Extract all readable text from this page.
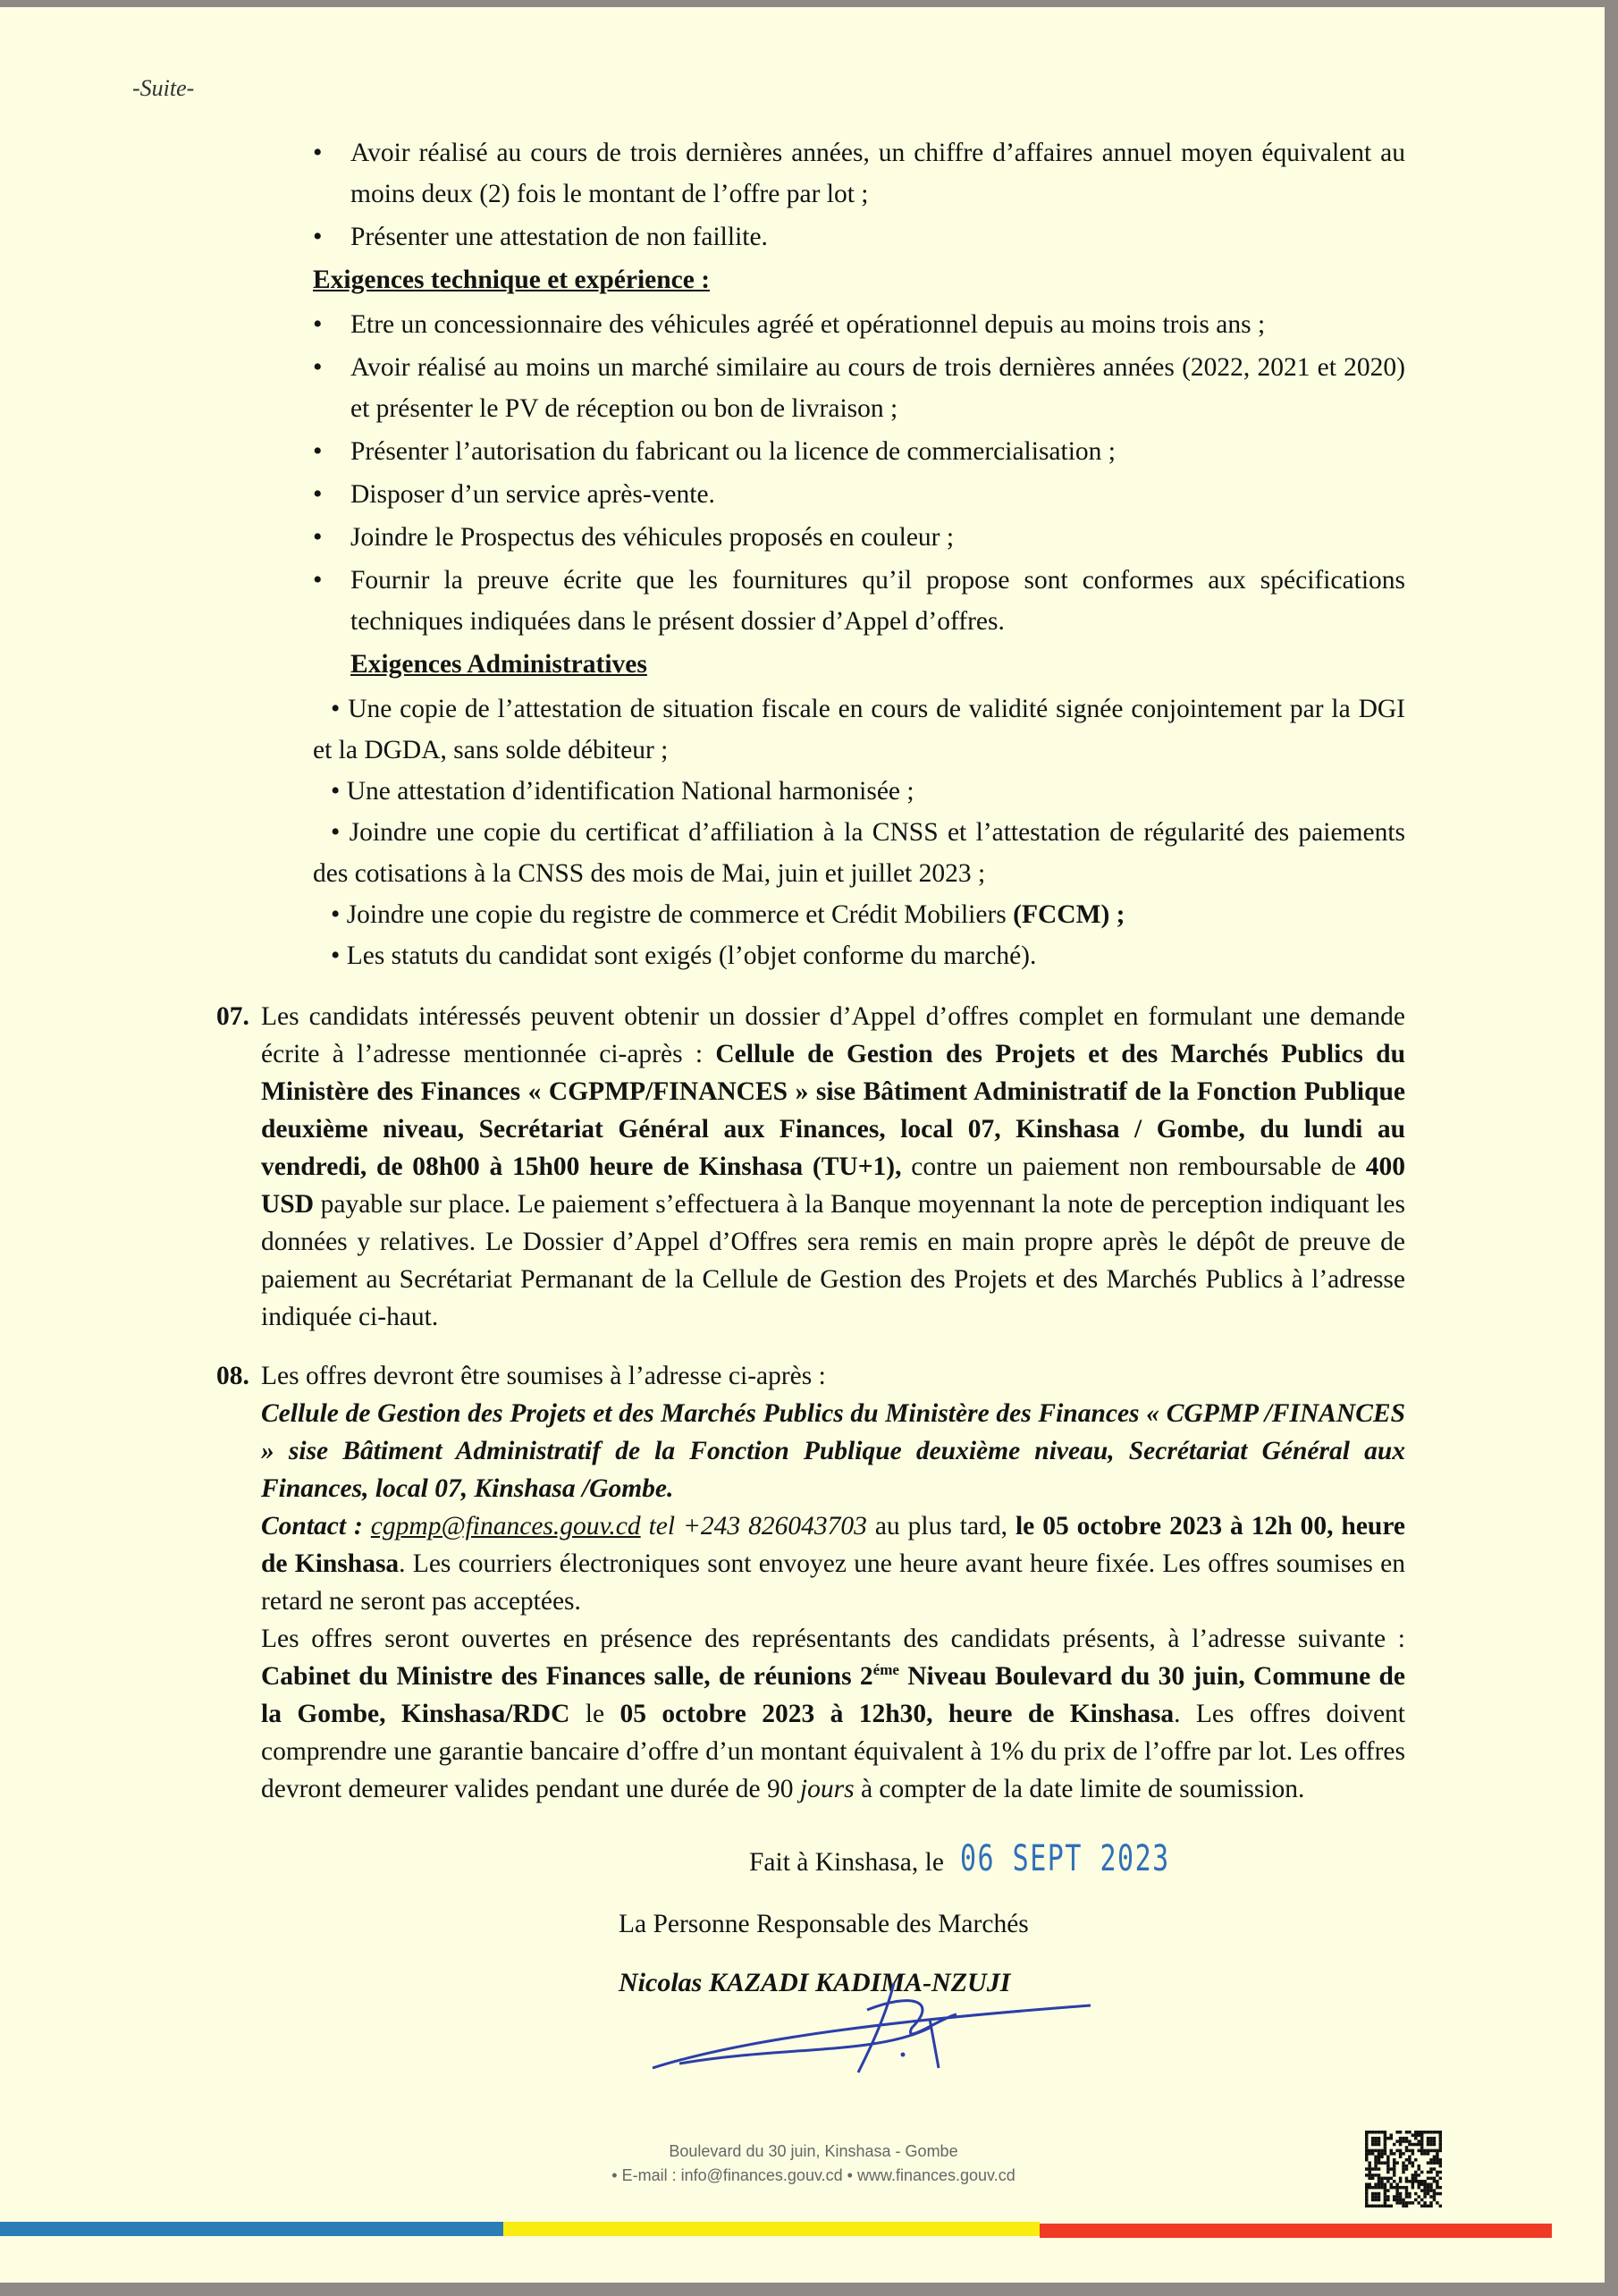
-Suite-
• Avoir réalisé au cours de trois dernières années, un chiffre d’affaires annuel moyen équivalent au moins deux (2) fois le montant de l’offre par lot ;
• Présenter une attestation de non faillite.
Exigences technique et expérience :
• Etre un concessionnaire des véhicules agréé et opérationnel depuis au moins trois ans ;
• Avoir réalisé au moins un marché similaire au cours de trois dernières années (2022, 2021 et 2020) et présenter le PV de réception ou bon de livraison ;
• Présenter l’autorisation du fabricant ou la licence de commercialisation ;
• Disposer d’un service après-vente.
• Joindre le Prospectus des véhicules proposés en couleur ;
• Fournir la preuve écrite que les fournitures qu’il propose sont conformes aux spécifications techniques indiquées dans le présent dossier d’Appel d’offres.
Exigences Administratives
• Une copie de l’attestation de situation fiscale en cours de validité signée conjointement par la DGI et la DGDA, sans solde débiteur ;
• Une attestation d’identification National harmonisée ;
• Joindre une copie du certificat d’affiliation à la CNSS et l’attestation de régularité des paiements des cotisations à la CNSS des mois de Mai, juin et juillet 2023 ;
• Joindre une copie du registre de commerce et Crédit Mobiliers (FCCM) ;
• Les statuts du candidat sont exigés (l’objet conforme du marché).
07. Les candidats intéressés peuvent obtenir un dossier d’Appel d’offres complet en formulant une demande écrite à l’adresse mentionnée ci-après : Cellule de Gestion des Projets et des Marchés Publics du Ministère des Finances « CGPMP/FINANCES » sise Bâtiment Administratif de la Fonction Publique deuxième niveau, Secrétariat Général aux Finances, local 07, Kinshasa / Gombe, du lundi au vendredi, de 08h00 à 15h00 heure de Kinshasa (TU+1), contre un paiement non remboursable de 400 USD payable sur place. Le paiement s’effectuera à la Banque moyennant la note de perception indiquant les données y relatives. Le Dossier d’Appel d’Offres sera remis en main propre après le dépôt de preuve de paiement au Secrétariat Permanant de la Cellule de Gestion des Projets et des Marchés Publics à l’adresse indiquée ci-haut.
08. Les offres devront être soumises à l’adresse ci-après :
Cellule de Gestion des Projets et des Marchés Publics du Ministère des Finances « CGPMP /FINANCES » sise Bâtiment Administratif de la Fonction Publique deuxième niveau, Secrétariat Général aux Finances, local 07, Kinshasa /Gombe.
Contact : cgpmp@finances.gouv.cd tel +243 826043703 au plus tard, le 05 octobre 2023 à 12h 00, heure de Kinshasa. Les courriers électroniques sont envoyez une heure avant heure fixée. Les offres soumises en retard ne seront pas acceptées.
Les offres seront ouvertes en présence des représentants des candidats présents, à l’adresse suivante : Cabinet du Ministre des Finances salle, de réunions $2^{éme}$ Niveau Boulevard du 30 juin, Commune de la Gombe, Kinshasa/RDC le 05 octobre 2023 à 12h30, heure de Kinshasa. Les offres doivent comprendre une garantie bancaire d’offre d’un montant équivalent à 1% du prix de l’offre par lot. Les offres devront demeurer valides pendant une durée de 90 jours à compter de la date limite de soumission.
Fait à Kinshasa, le 06 SEPT 2023
La Personne Responsable des Marchés
Nicolas KAZADI KADIMA-NZUJI
Boulevard du 30 juin, Kinshasa - Gombe
• E-mail : info@finances.gouv.cd • www.finances.gouv.cd
